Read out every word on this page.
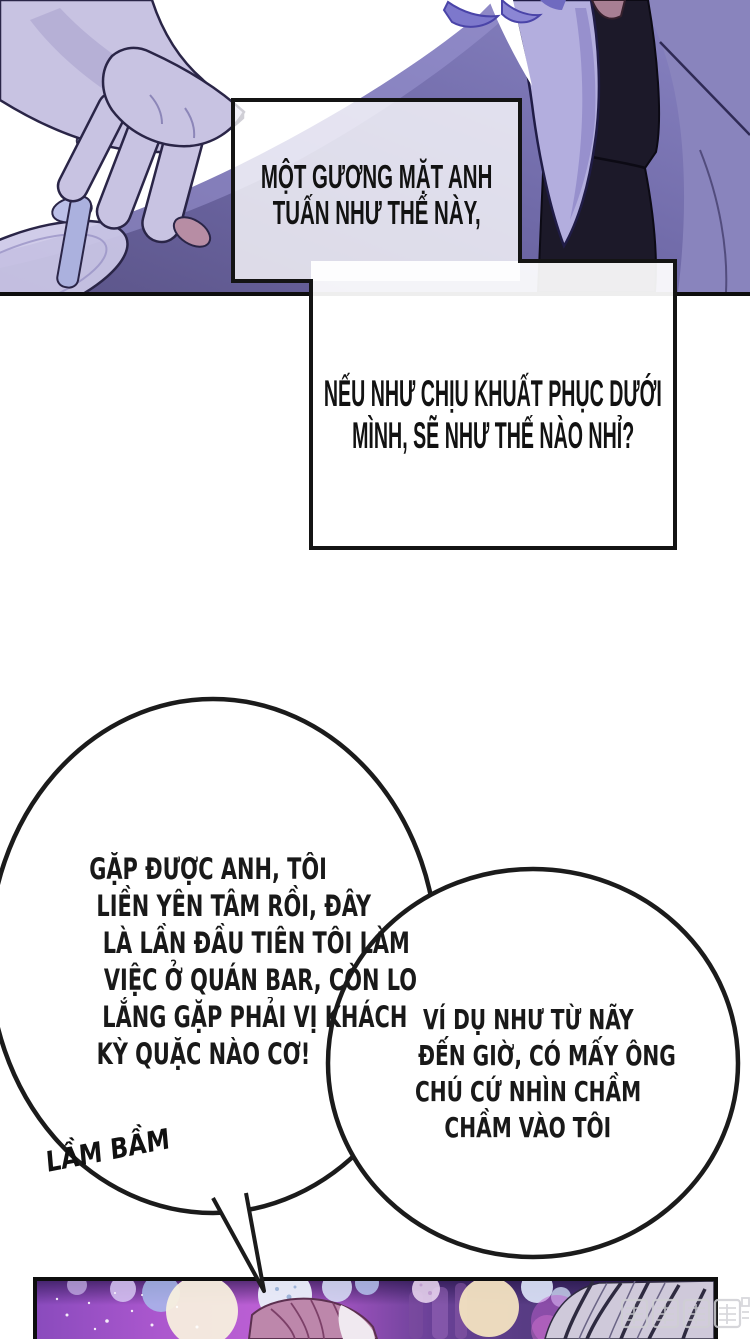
MỘT GƯƠNG MẶT ANH
TUẤN NHƯ THẾ NÀY,
NẾU NHƯ CHỊU KHUẤT PHỤC DƯỚI
MÌNH, SẼ NHƯ THẾ NÀO NHỈ?
GẶP ĐƯỢC ANH, TÔI
LIỀN YÊN TÂM RỒI, ĐÂY
LÀ LẦN ĐẦU TIÊN TÔI LÀM
VIỆC Ở QUÁN BAR, CÒN LO
LẮNG GẶP PHẢI VỊ KHÁCH
KỲ QUẶC NÀO CƠ!
VÍ DỤ NHƯ TỪ NÃY
ĐẾN GIỜ, CÓ MẤY ÔNG
CHÚ CỨ NHÌN CHẦM
CHẦM VÀO TÔI
LẦM BẦM
